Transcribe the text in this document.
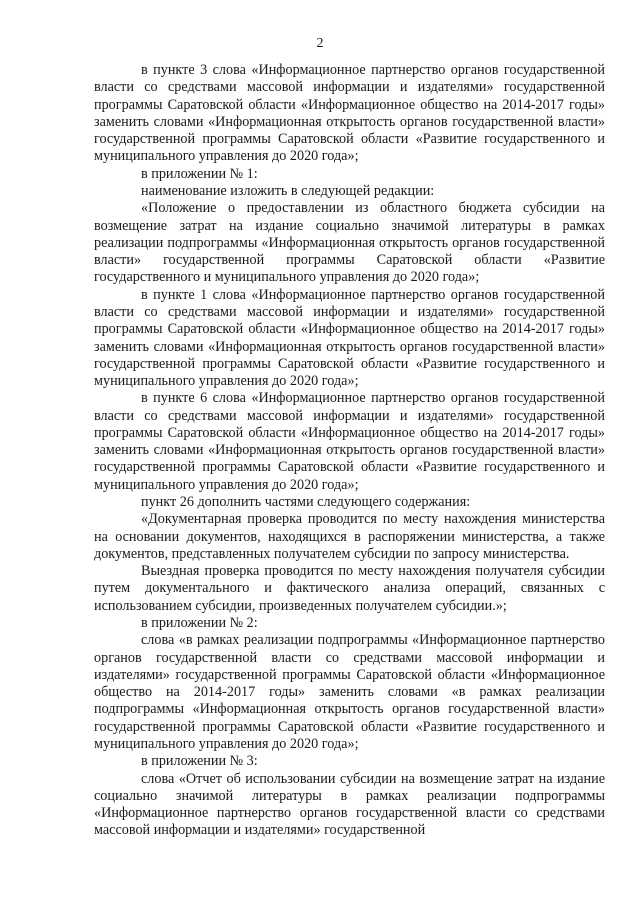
2

в пункте 3 слова «Информационное партнерство органов государственной власти со средствами массовой информации и издателями» государственной программы Саратовской области «Информационное общество на 2014-2017 годы» заменить словами «Информационная открытость органов государственной власти» государственной программы Саратовской области «Развитие государственного и муниципального управления до 2020 года»;

в приложении № 1:

наименование изложить в следующей редакции:

«Положение о предоставлении из областного бюджета субсидии на возмещение затрат на издание социально значимой литературы в рамках реализации подпрограммы «Информационная открытость органов государственной власти» государственной программы Саратовской области «Развитие государственного и муниципального управления до 2020 года»;

в пункте 1 слова «Информационное партнерство органов государственной власти со средствами массовой информации и издателями» государственной программы Саратовской области «Информационное общество на 2014-2017 годы» заменить словами «Информационная открытость органов государственной власти» государственной программы Саратовской области «Развитие государственного и муниципального управления до 2020 года»;

в пункте 6 слова «Информационное партнерство органов государственной власти со средствами массовой информации и издателями» государственной программы Саратовской области «Информационное общество на 2014-2017 годы» заменить словами «Информационная открытость органов государственной власти» государственной программы Саратовской области «Развитие государственного и муниципального управления до 2020 года»;

пункт 26 дополнить частями следующего содержания:

«Документарная проверка проводится по месту нахождения министерства на основании документов, находящихся в распоряжении министерства, а также документов, представленных получателем субсидии по запросу министерства.

Выездная проверка проводится по месту нахождения получателя субсидии путем документального и фактического анализа операций, связанных с использованием субсидии, произведенных получателем субсидии.»;

в приложении № 2:

слова «в рамках реализации подпрограммы «Информационное партнерство органов государственной власти со средствами массовой информации и издателями» государственной программы Саратовской области «Информационное общество на 2014-2017 годы» заменить словами «в рамках реализации подпрограммы «Информационная открытость органов государственной власти» государственной программы Саратовской области «Развитие государственного и муниципального управления до 2020 года»;

в приложении № 3:

слова «Отчет об использовании субсидии на возмещение затрат на издание социально значимой литературы в рамках реализации подпрограммы «Информационное партнерство органов государственной власти со средствами массовой информации и издателями» государственной
